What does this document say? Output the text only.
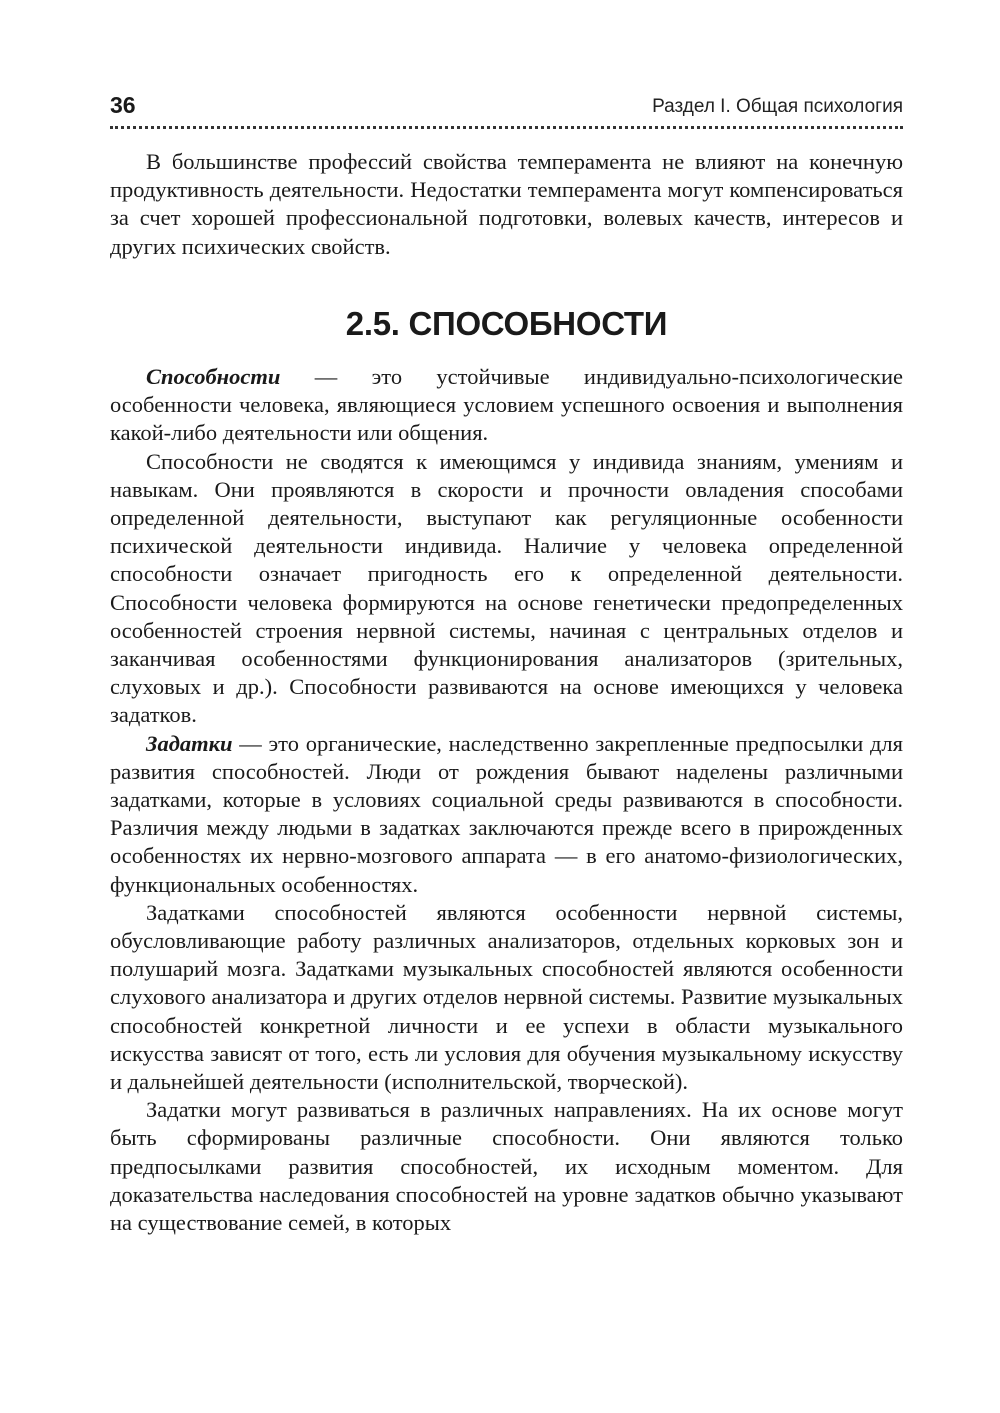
36	Раздел I. Общая психология

В большинстве профессий свойства темперамента не влияют на конечную продуктивность деятельности. Недостатки темперамента могут компенсироваться за счет хорошей профессиональной подготовки, волевых качеств, интересов и других психических свойств.

2.5. СПОСОБНОСТИ

Способности — это устойчивые индивидуально-психологические особенности человека, являющиеся условием успешного освоения и выполнения какой-либо деятельности или общения.

Способности не сводятся к имеющимся у индивида знаниям, умениям и навыкам. Они проявляются в скорости и прочности овладения способами определенной деятельности, выступают как регуляционные особенности психической деятельности индивида. Наличие у человека определенной способности означает пригодность его к определенной деятельности. Способности человека формируются на основе генетически предопределенных особенностей строения нервной системы, начиная с центральных отделов и заканчивая особенностями функционирования анализаторов (зрительных, слуховых и др.). Способности развиваются на основе имеющихся у человека задатков.

Задатки — это органические, наследственно закрепленные предпосылки для развития способностей. Люди от рождения бывают наделены различными задатками, которые в условиях социальной среды развиваются в способности. Различия между людьми в задатках заключаются прежде всего в прирожденных особенностях их нервно-мозгового аппарата — в его анатомо-физиологических, функциональных особенностях.

Задатками способностей являются особенности нервной системы, обусловливающие работу различных анализаторов, отдельных корковых зон и полушарий мозга. Задатками музыкальных способностей являются особенности слухового анализатора и других отделов нервной системы. Развитие музыкальных способностей конкретной личности и ее успехи в области музыкального искусства зависят от того, есть ли условия для обучения музыкальному искусству и дальнейшей деятельности (исполнительской, творческой).

Задатки могут развиваться в различных направлениях. На их основе могут быть сформированы различные способности. Они являются только предпосылками развития способностей, их исходным моментом. Для доказательства наследования способностей на уровне задатков обычно указывают на существование семей, в которых
